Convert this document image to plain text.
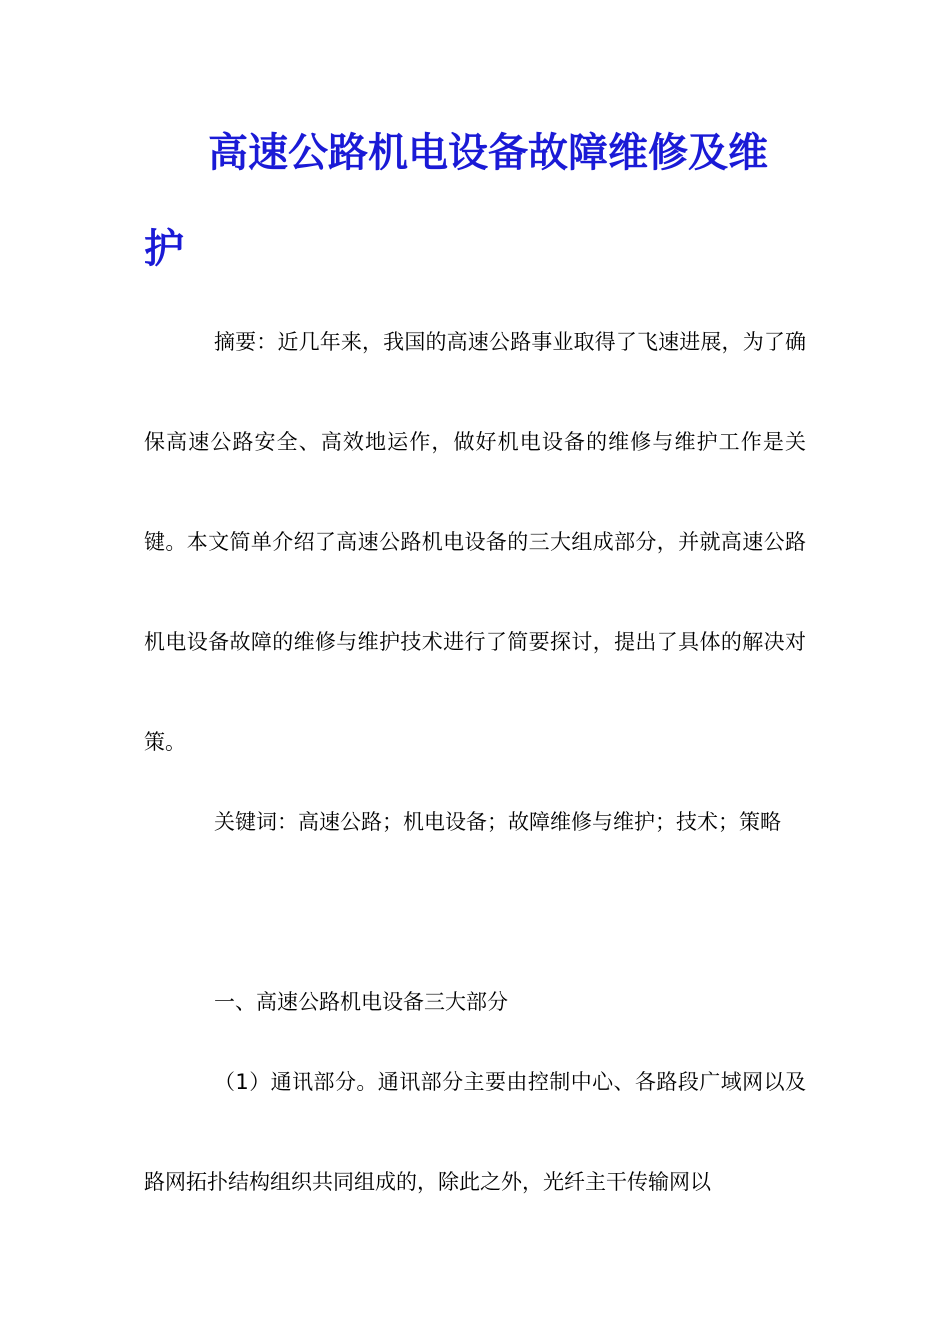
高速公路机电设备故障维修及维
护

摘要：近几年来，我国的高速公路事业取得了飞速进展，为了确保高速公路安全、高效地运作，做好机电设备的维修与维护工作是关键。本文简单介绍了高速公路机电设备的三大组成部分，并就高速公路机电设备故障的维修与维护技术进行了简要探讨，提出了具体的解决对策。

关键词：高速公路；机电设备；故障维修与维护；技术；策略

一、高速公路机电设备三大部分

（1）通讯部分。通讯部分主要由控制中心、各路段广域网以及路网拓扑结构组织共同组成的，除此之外，光纤主干传输网以
